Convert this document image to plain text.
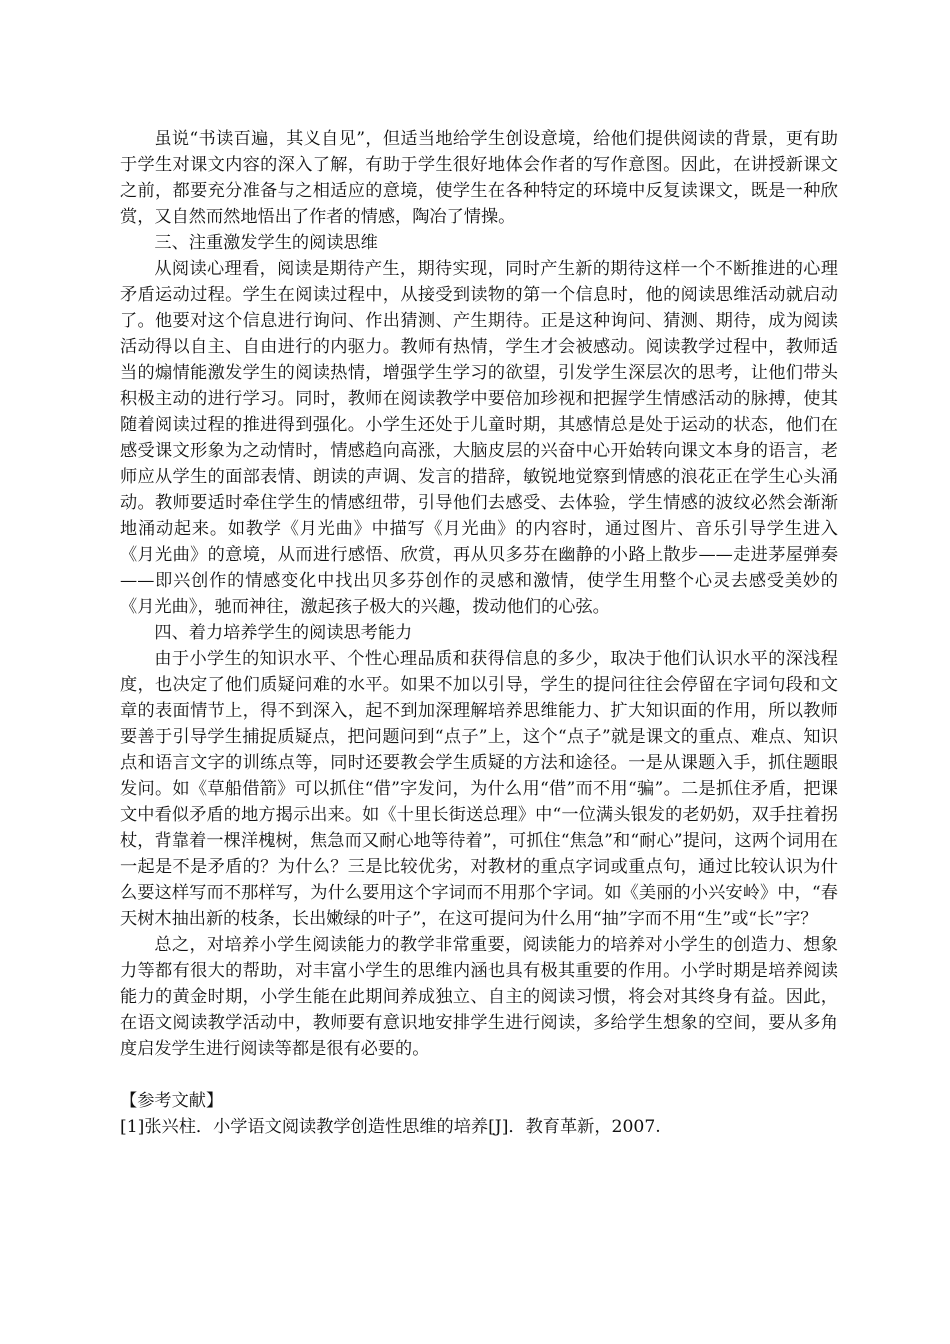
虽说“书读百遍，其义自见”，但适当地给学生创设意境，给他们提供阅读的背景，更有助于学生对课文内容的深入了解，有助于学生很好地体会作者的写作意图。因此，在讲授新课文之前，都要充分准备与之相适应的意境，使学生在各种特定的环境中反复读课文，既是一种欣赏，又自然而然地悟出了作者的情感，陶冶了情操。

三、注重激发学生的阅读思维

从阅读心理看，阅读是期待产生，期待实现，同时产生新的期待这样一个不断推进的心理矛盾运动过程。学生在阅读过程中，从接受到读物的第一个信息时，他的阅读思维活动就启动了。他要对这个信息进行询问、作出猜测、产生期待。正是这种询问、猜测、期待，成为阅读活动得以自主、自由进行的内驱力。教师有热情，学生才会被感动。阅读教学过程中，教师适当的煽情能激发学生的阅读热情，增强学生学习的欲望，引发学生深层次的思考，让他们带头积极主动的进行学习。同时，教师在阅读教学中要倍加珍视和把握学生情感活动的脉搏，使其随着阅读过程的推进得到强化。小学生还处于儿童时期，其感情总是处于运动的状态，他们在感受课文形象为之动情时，情感趋向高涨，大脑皮层的兴奋中心开始转向课文本身的语言，老师应从学生的面部表情、朗读的声调、发言的措辞，敏锐地觉察到情感的浪花正在学生心头涌动。教师要适时牵住学生的情感纽带，引导他们去感受、去体验，学生情感的波纹必然会渐渐地涌动起来。如教学《月光曲》中描写《月光曲》的内容时，通过图片、音乐引导学生进入《月光曲》的意境，从而进行感悟、欣赏，再从贝多芬在幽静的小路上散步——走进茅屋弹奏——即兴创作的情感变化中找出贝多芬创作的灵感和激情，使学生用整个心灵去感受美妙的《月光曲》，驰而神往，激起孩子极大的兴趣，拨动他们的心弦。

四、着力培养学生的阅读思考能力

由于小学生的知识水平、个性心理品质和获得信息的多少，取决于他们认识水平的深浅程度，也决定了他们质疑问难的水平。如果不加以引导，学生的提问往往会停留在字词句段和文章的表面情节上，得不到深入，起不到加深理解培养思维能力、扩大知识面的作用，所以教师要善于引导学生捕捉质疑点，把问题问到“点子”上，这个“点子”就是课文的重点、难点、知识点和语言文字的训练点等，同时还要教会学生质疑的方法和途径。一是从课题入手，抓住题眼发问。如《草船借箭》可以抓住“借”字发问，为什么用“借”而不用“骗”。二是抓住矛盾，把课文中看似矛盾的地方揭示出来。如《十里长街送总理》中“一位满头银发的老奶奶，双手拄着拐杖，背靠着一棵洋槐树，焦急而又耐心地等待着”，可抓住“焦急”和“耐心”提问，这两个词用在一起是不是矛盾的？为什么？三是比较优劣，对教材的重点字词或重点句，通过比较认识为什么要这样写而不那样写，为什么要用这个字词而不用那个字词。如《美丽的小兴安岭》中，“春天树木抽出新的枝条，长出嫩绿的叶子”，在这可提问为什么用“抽”字而不用“生”或“长”字？

总之，对培养小学生阅读能力的教学非常重要，阅读能力的培养对小学生的创造力、想象力等都有很大的帮助，对丰富小学生的思维内涵也具有极其重要的作用。小学时期是培养阅读能力的黄金时期，小学生能在此期间养成独立、自主的阅读习惯，将会对其终身有益。因此，在语文阅读教学活动中，教师要有意识地安排学生进行阅读，多给学生想象的空间，要从多角度启发学生进行阅读等都是很有必要的。

【参考文献】

[1]张兴柱．小学语文阅读教学创造性思维的培养[J]．教育革新，2007.
